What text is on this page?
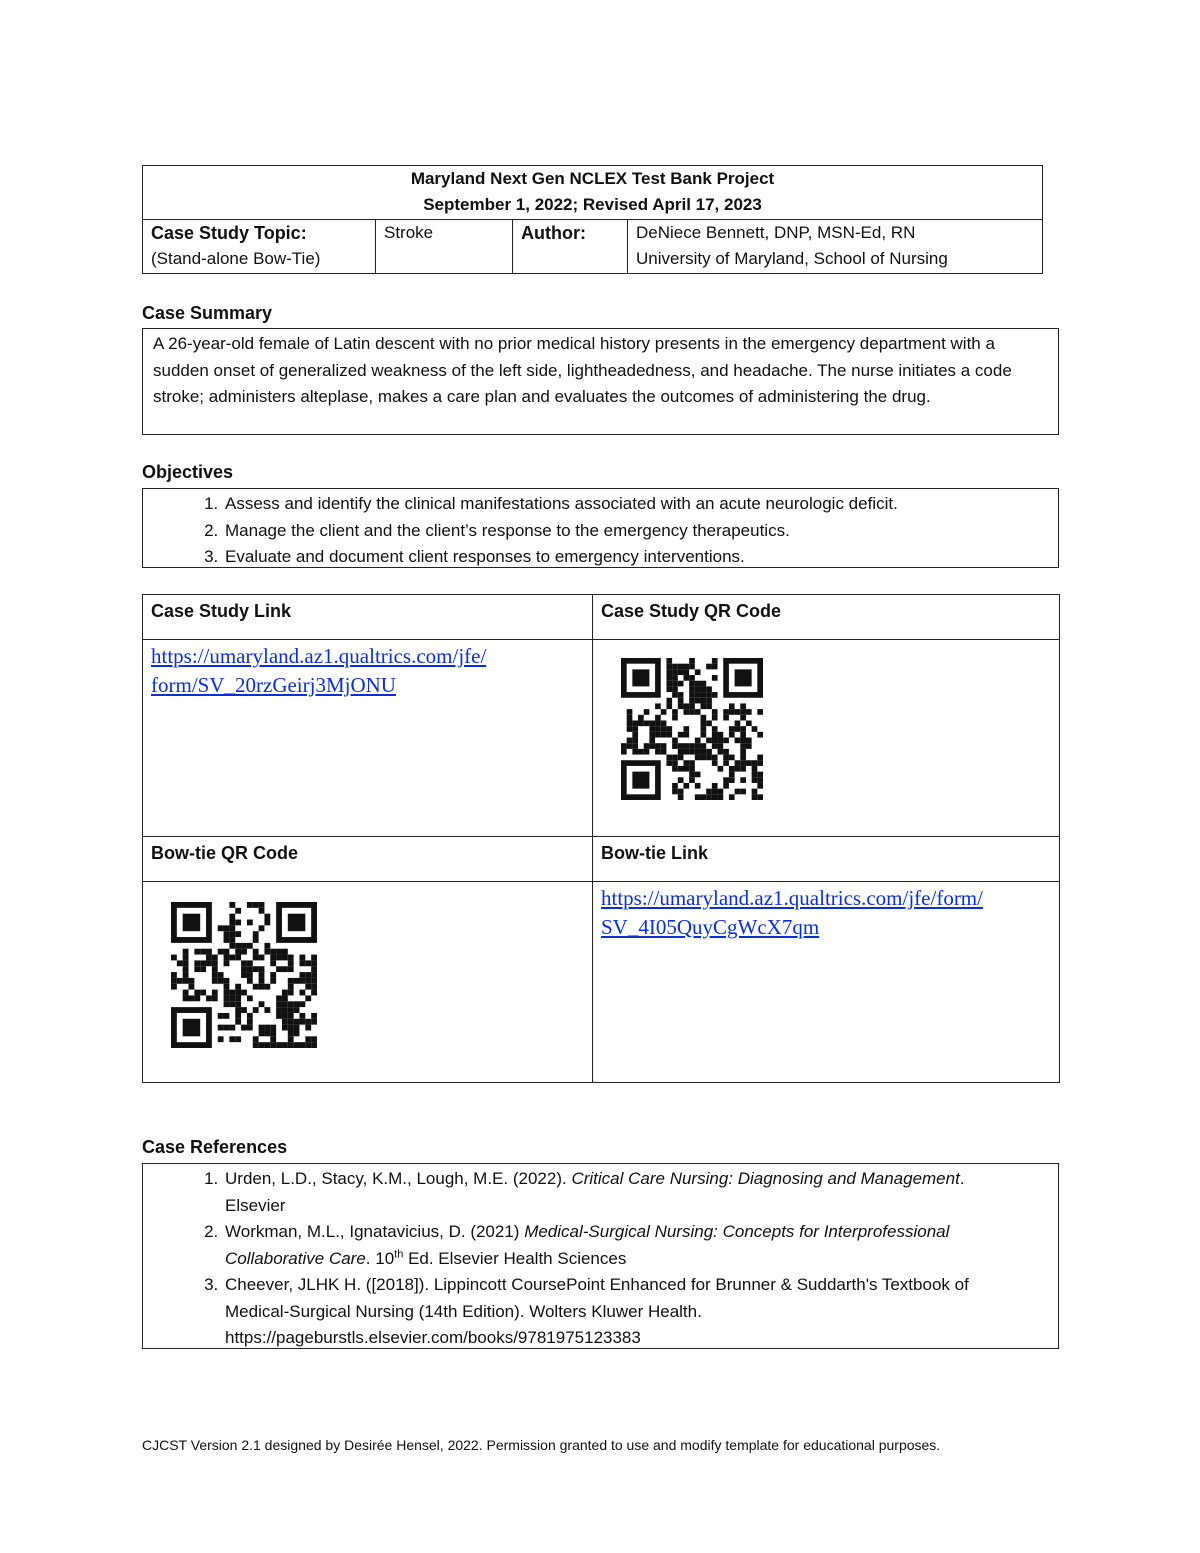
Maryland Next Gen NCLEX Test Bank Project
September 1, 2022; Revised April 17, 2023

Case Study Topic:
(Stand-alone Bow-Tie)
	Stroke	Author:	DeNiece Bennett, DNP, MSN-Ed, RN
University of Maryland, School of Nursing
Case Summary
A 26-year-old female of Latin descent with no prior medical history presents in the emergency department with a sudden onset of generalized weakness of the left side, lightheadedness, and headache. The nurse initiates a code stroke; administers alteplase, makes a care plan and evaluates the outcomes of administering the drug.
Objectives
1. Assess and identify the clinical manifestations associated with an acute neurologic deficit.
2. Manage the client and the client’s response to the emergency therapeutics.
3. Evaluate and document client responses to emergency interventions.
Case Study Link	Case Study QR Code
https://umaryland.az1.qualtrics.com/jfe/
form/SV_20rzGeirj3MjONU	

Bow-tie QR Code	Bow-tie Link

	https://umaryland.az1.qualtrics.com/jfe/form/
SV_4I05QuyCgWcX7qm
Case References
1. Urden, L.D., Stacy, K.M., Lough, M.E. (2022). Critical Care Nursing: Diagnosing and Management. Elsevier
2. Workman, M.L., Ignatavicius, D. (2021) Medical-Surgical Nursing: Concepts for Interprofessional Collaborative Care. 10th Ed. Elsevier Health Sciences
3. Cheever, JLHK H. ([2018]). Lippincott CoursePoint Enhanced for Brunner & Suddarth's Textbook of Medical-Surgical Nursing (14th Edition). Wolters Kluwer Health.
https://pageburstls.elsevier.com/books/9781975123383
CJCST Version 2.1 designed by Desirée Hensel, 2022. Permission granted to use and modify template for educational purposes.
